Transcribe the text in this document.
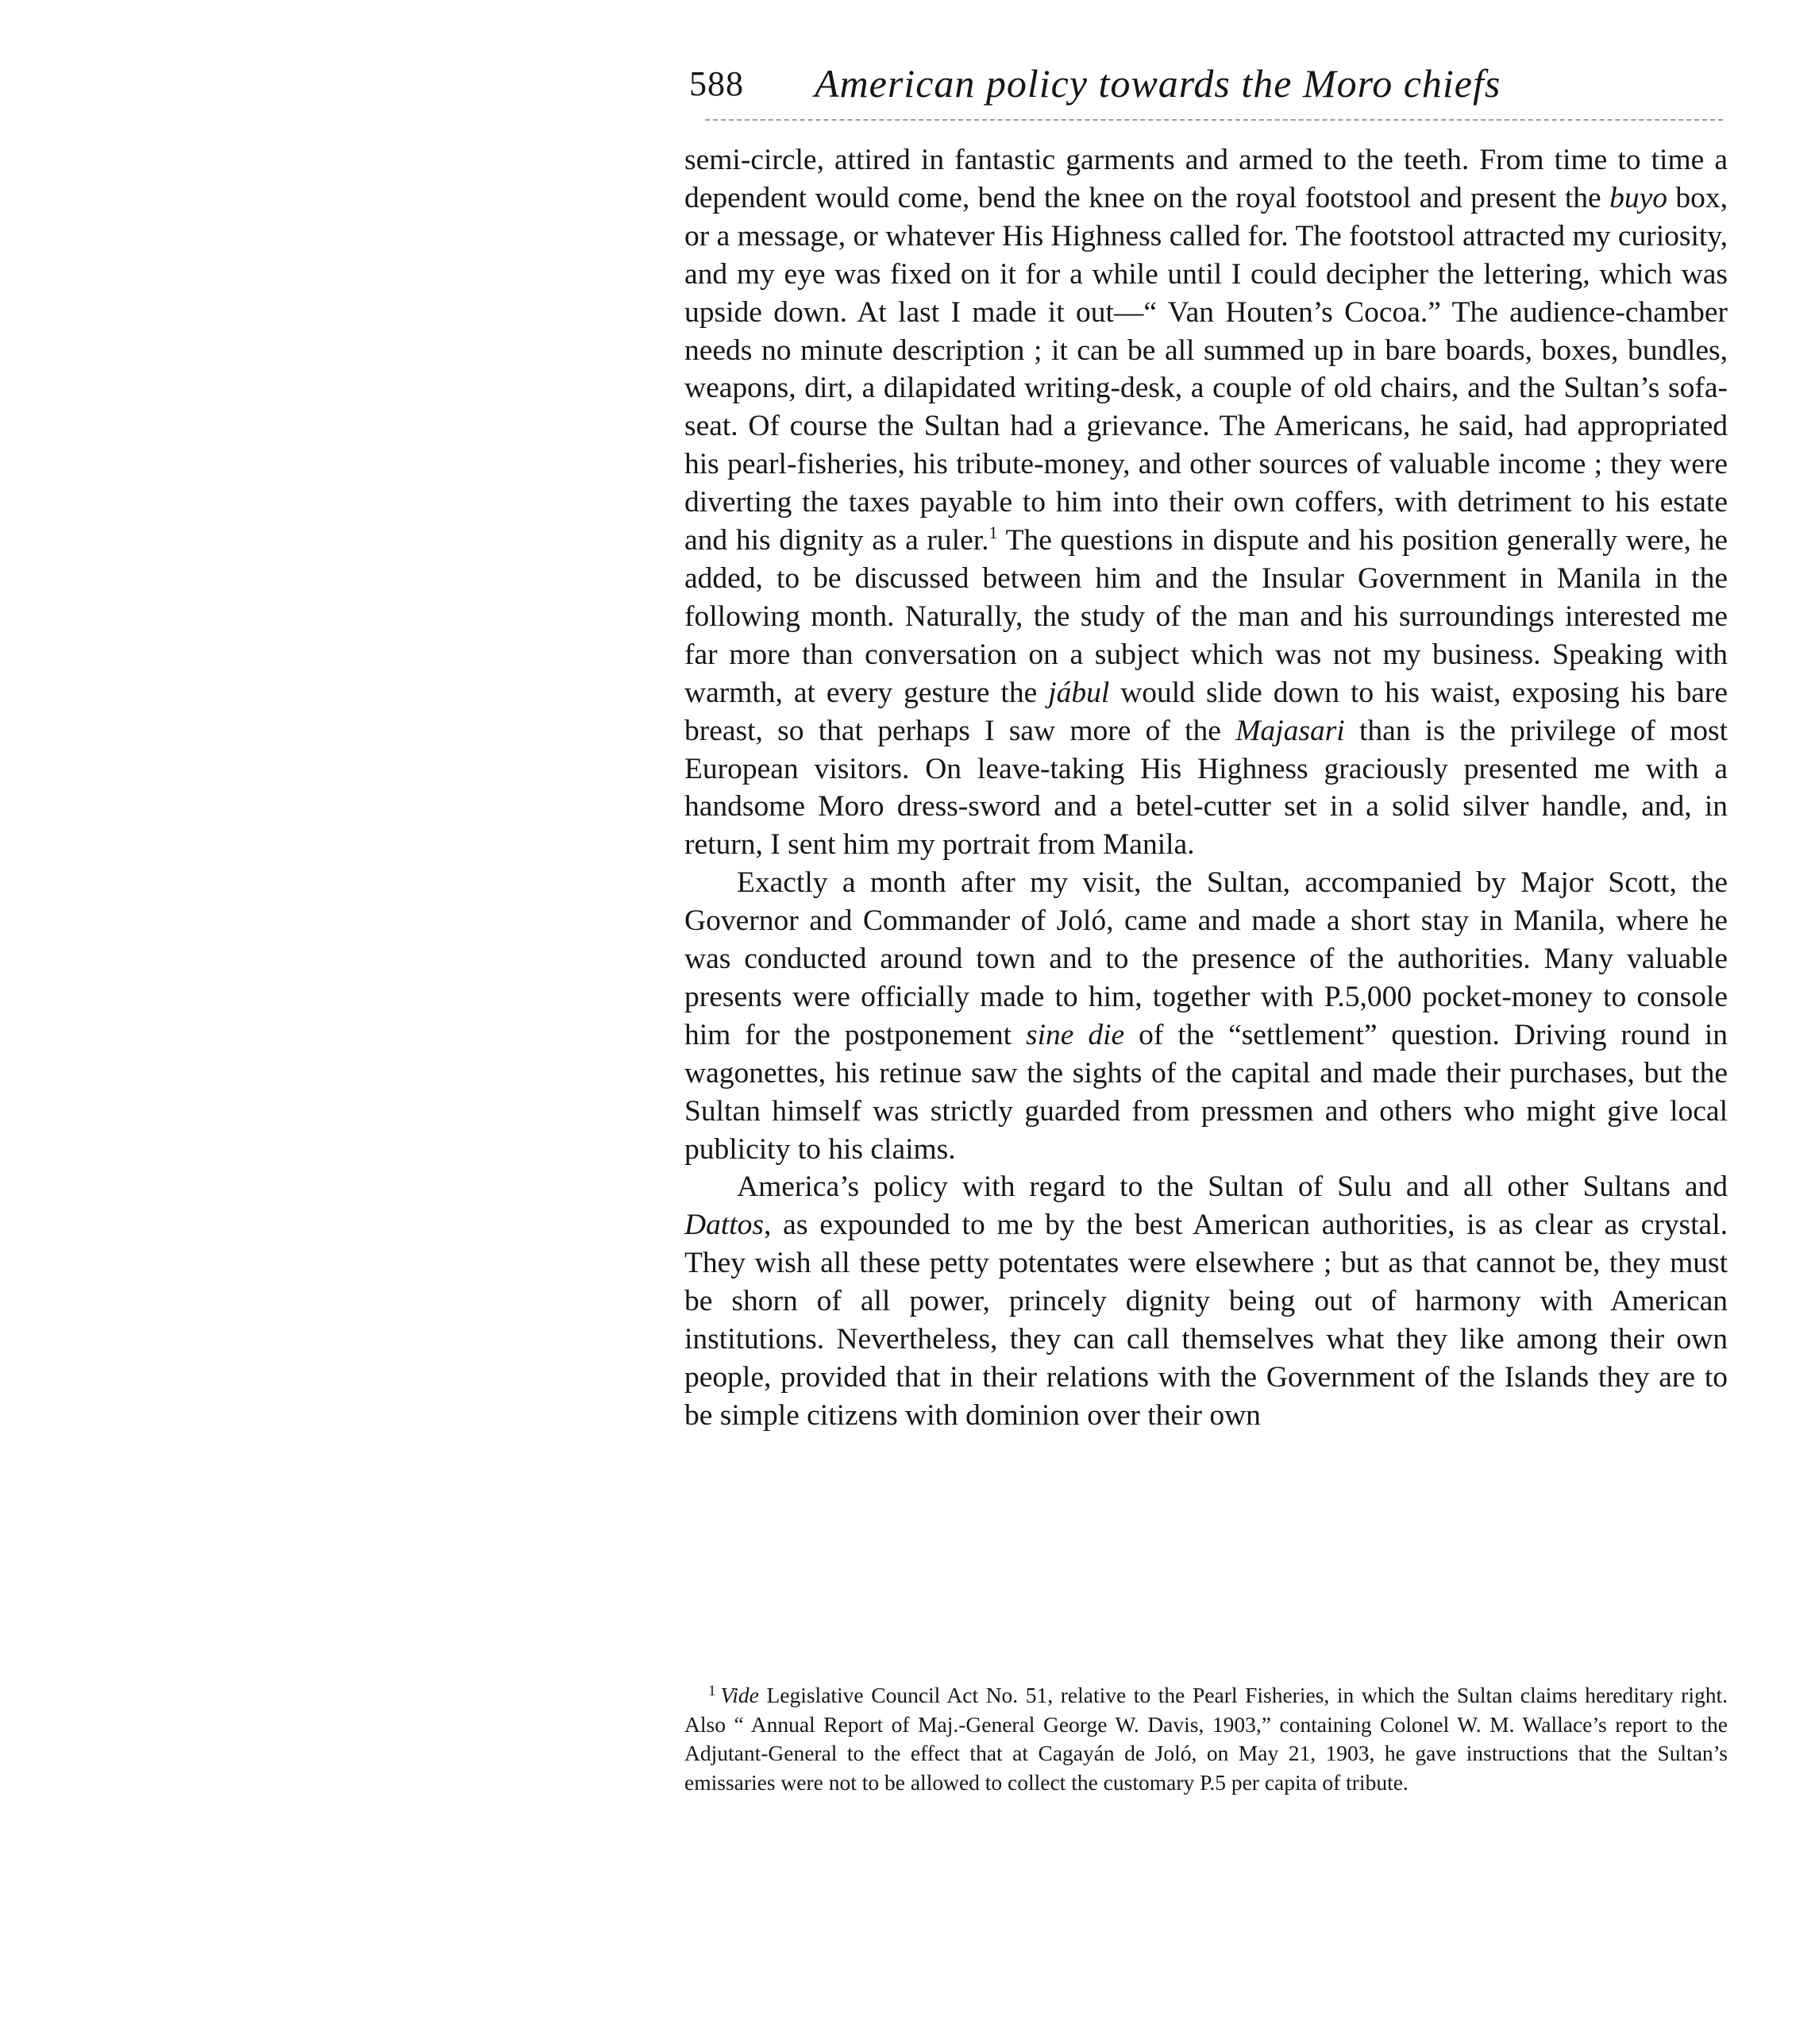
588 American policy towards the Moro chiefs

semi-circle, attired in fantastic garments and armed to the teeth. From time to time a dependent would come, bend the knee on the royal footstool and present the buyo box, or a message, or whatever His Highness called for. The footstool attracted my curiosity, and my eye was fixed on it for a while until I could decipher the lettering, which was upside down. At last I made it out—“ Van Houten’s Cocoa.” The audience-chamber needs no minute description ; it can be all summed up in bare boards, boxes, bundles, weapons, dirt, a dilapidated writing-desk, a couple of old chairs, and the Sultan’s sofa-seat. Of course the Sultan had a grievance. The Americans, he said, had appropriated his pearl-fisheries, his tribute-money, and other sources of valuable income ; they were diverting the taxes payable to him into their own coffers, with detriment to his estate and his dignity as a ruler.$^1$ The questions in dispute and his position generally were, he added, to be discussed between him and the Insular Government in Manila in the following month. Naturally, the study of the man and his surroundings interested me far more than conversation on a subject which was not my business. Speaking with warmth, at every gesture the jábul would slide down to his waist, exposing his bare breast, so that perhaps I saw more of the Majasari than is the privilege of most European visitors. On leave-taking His Highness graciously presented me with a handsome Moro dress-sword and a betel-cutter set in a solid silver handle, and, in return, I sent him my portrait from Manila.

Exactly a month after my visit, the Sultan, accompanied by Major Scott, the Governor and Commander of Joló, came and made a short stay in Manila, where he was conducted around town and to the presence of the authorities. Many valuable presents were officially made to him, together with P.5,000 pocket-money to console him for the postponement sine die of the “settlement” question. Driving round in wagonettes, his retinue saw the sights of the capital and made their purchases, but the Sultan himself was strictly guarded from pressmen and others who might give local publicity to his claims.

America’s policy with regard to the Sultan of Sulu and all other Sultans and Dattos, as expounded to me by the best American authorities, is as clear as crystal. They wish all these petty potentates were elsewhere ; but as that cannot be, they must be shorn of all power, princely dignity being out of harmony with American institutions. Nevertheless, they can call themselves what they like among their own people, provided that in their relations with the Government of the Islands they are to be simple citizens with dominion over their own

$^1$ Vide Legislative Council Act No. 51, relative to the Pearl Fisheries, in which the Sultan claims hereditary right. Also “ Annual Report of Maj.-General George W. Davis, 1903,” containing Colonel W. M. Wallace’s report to the Adjutant-General to the effect that at Cagayán de Joló, on May 21, 1903, he gave instructions that the Sultan’s emissaries were not to be allowed to collect the customary P.5 per capita of tribute.
